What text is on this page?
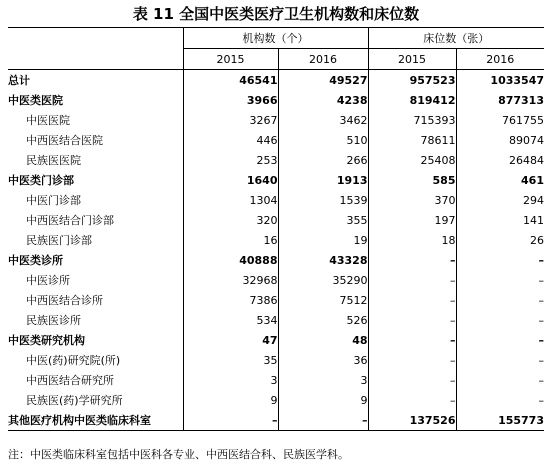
表 11 全国中医类医疗卫生机构数和床位数
	机构数（个）		床位数（张）	
	2015	2016	2015	2016
总计	46541	49527	957523	1033547
中医类医院	3966	4238	819412	877313
中医医院	3267	3462	715393	761755
中西医结合医院	446	510	78611	89074
民族医医院	253	266	25408	26484
中医类门诊部	1640	1913	585	461
中医门诊部	1304	1539	370	294
中西医结合门诊部	320	355	197	141
民族医门诊部	16	19	18	26
中医类诊所	40888	43328	–	–
中医诊所	32968	35290	–	–
中西医结合诊所	7386	7512	–	–
民族医诊所	534	526	–	–
中医类研究机构	47	48	–	–
中医(药)研究院(所)	35	36	–	–
中西医结合研究所	3	3	–	–
民族医(药)学研究所	9	9	–	–
其他医疗机构中医类临床科室	–	–	137526	155773
注：中医类临床科室包括中医科各专业、中西医结合科、民族医学科。
